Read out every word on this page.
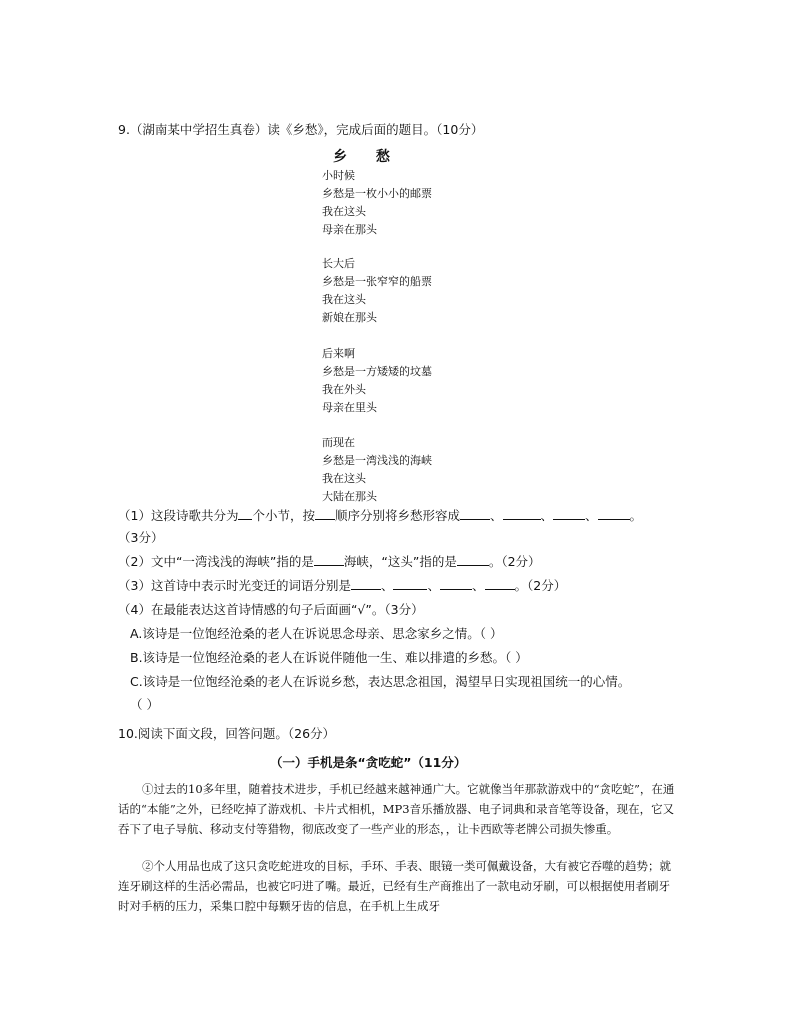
9.（湖南某中学招生真卷）读《乡愁》，完成后面的题目。（10分）
乡 愁
小时候
乡愁是一枚小小的邮票
我在这头
母亲在那头
长大后
乡愁是一张窄窄的船票
我在这头
新娘在那头
后来啊
乡愁是一方矮矮的坟墓
我在外头
母亲在里头
而现在
乡愁是一湾浅浅的海峡
我在这头
大陆在那头
（1）这段诗歌共分为 个小节，按 顺序分别将乡愁形容成 、	、	、	。
（3分）
（2）文中“一湾浅浅的海峡”指的是 海峡，“这头”指的是	。（2分）
（3）这首诗中表示时光变迁的词语分别是 、	、	、 。（2分）
（4）在最能表达这首诗情感的句子后面画“√”。（3分）
A.该诗是一位饱经沧桑的老人在诉说思念母亲、思念家乡之情。（ ）
B.该诗是一位饱经沧桑的老人在诉说伴随他一生、难以排遣的乡愁。（ ）
C.该诗是一位饱经沧桑的老人在诉说乡愁，表达思念祖国，渴望早日实现祖国统一的心情。
（ ）
10.阅读下面文段，回答问题。（26分）
（一）手机是条“贪吃蛇”（11分）
①过去的10多年里，随着技术进步，手机已经越来越神通广大。它就像当年那款游戏中的“贪吃蛇”，在通话的“本能”之外，已经吃掉了游戏机、卡片式相机，MP3音乐播放器、电子词典和录音笔等设备，现在，它又吞下了电子导航、移动支付等猎物，彻底改变了一些产业的形态，，让卡西欧等老牌公司损失惨重。
②个人用品也成了这只贪吃蛇进攻的目标，手环、手表、眼镜一类可佩戴设备，大有被它吞噬的趋势；就连牙刷这样的生活必需品，也被它叼进了嘴。最近，已经有生产商推出了一款电动牙刷，可以根据使用者刷牙时对手柄的压力，采集口腔中每颗牙齿的信息，在手机上生成牙
